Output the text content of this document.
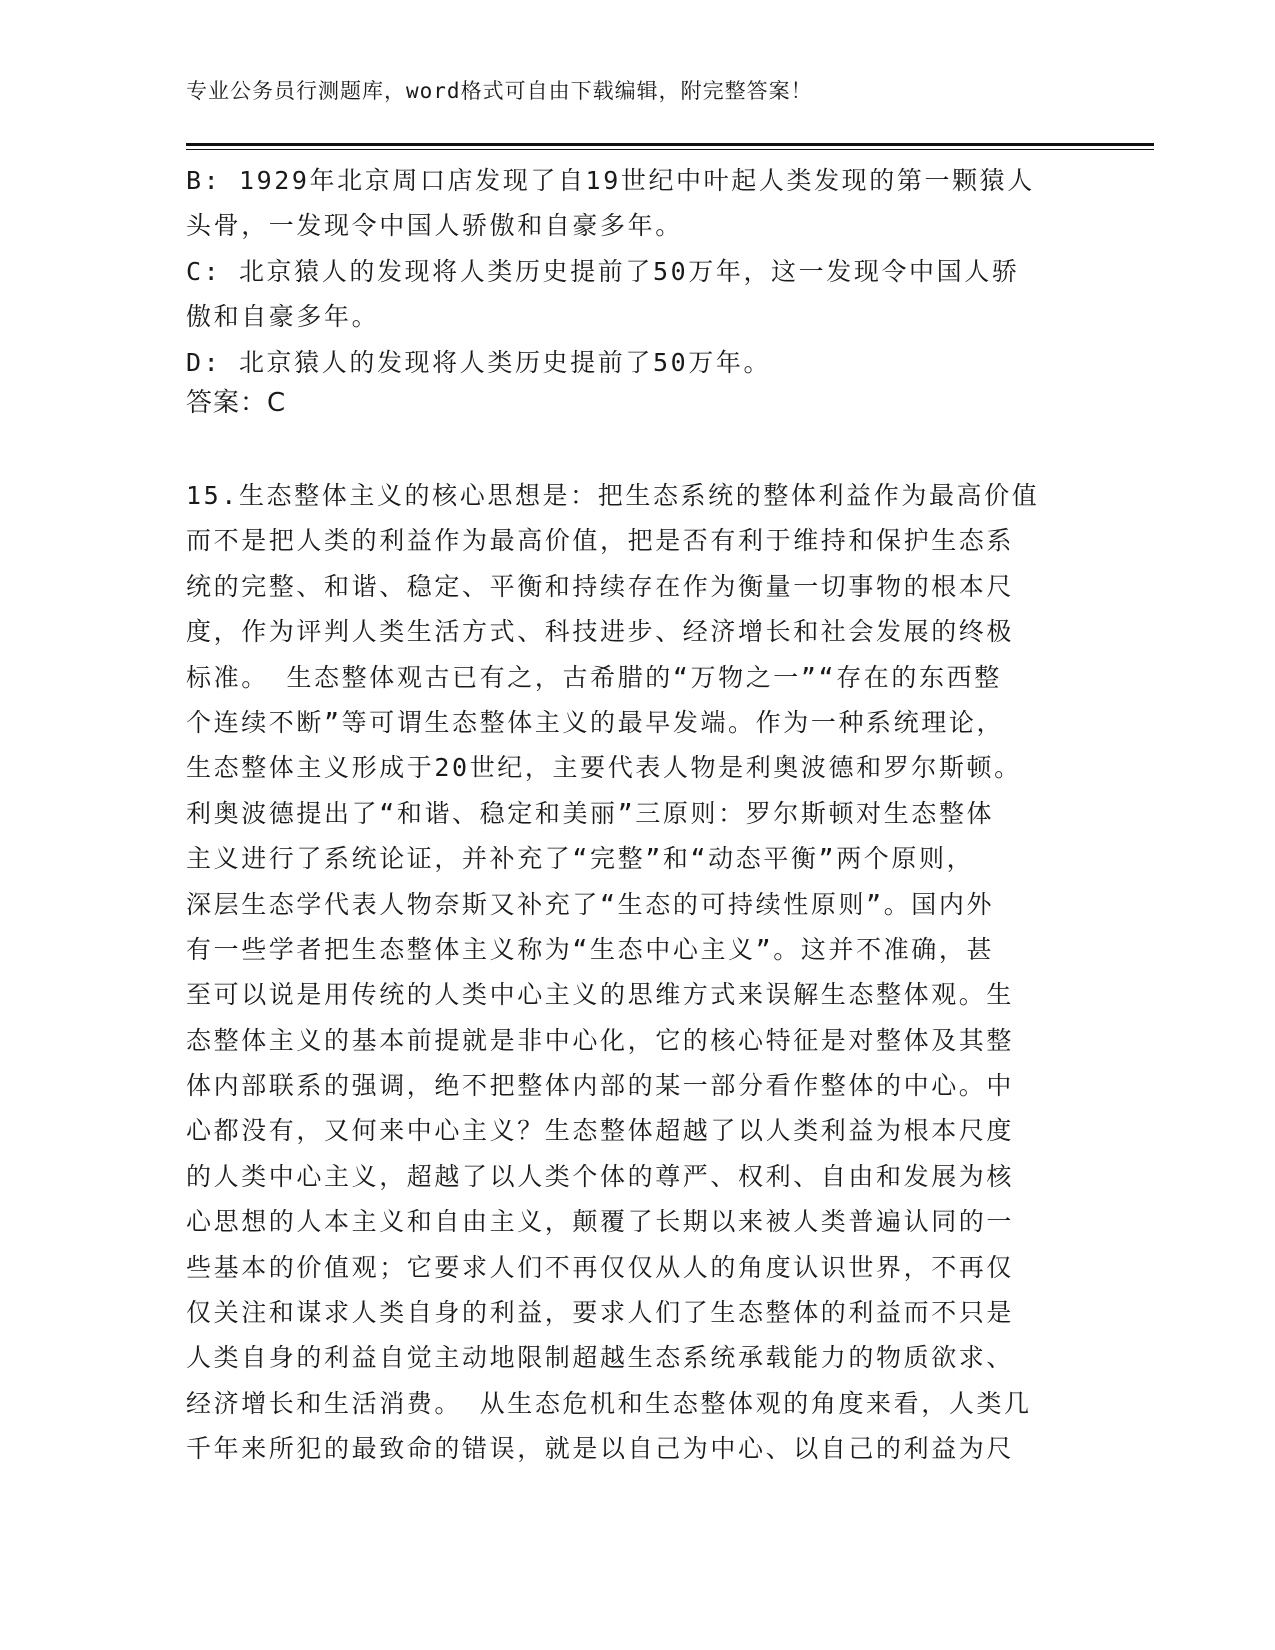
专业公务员行测题库，word格式可自由下载编辑，附完整答案！
B: 1929年北京周口店发现了自19世纪中叶起人类发现的第一颗猿人
头骨，一发现令中国人骄傲和自豪多年。
C: 北京猿人的发现将人类历史提前了50万年，这一发现令中国人骄
傲和自豪多年。
D: 北京猿人的发现将人类历史提前了50万年。
答案：C
15.生态整体主义的核心思想是：把生态系统的整体利益作为最高价值
而不是把人类的利益作为最高价值，把是否有利于维持和保护生态系
统的完整、和谐、稳定、平衡和持续存在作为衡量一切事物的根本尺
度，作为评判人类生活方式、科技进步、经济增长和社会发展的终极
标准。 生态整体观古已有之，古希腊的“万物之一”“存在的东西整
个连续不断”等可谓生态整体主义的最早发端。作为一种系统理论，
生态整体主义形成于20世纪，主要代表人物是利奥波德和罗尔斯顿。
利奥波德提出了“和谐、稳定和美丽”三原则：罗尔斯顿对生态整体
主义进行了系统论证，并补充了“完整”和“动态平衡”两个原则，
深层生态学代表人物奈斯又补充了“生态的可持续性原则”。国内外
有一些学者把生态整体主义称为“生态中心主义”。这并不准确，甚
至可以说是用传统的人类中心主义的思维方式来误解生态整体观。生
态整体主义的基本前提就是非中心化，它的核心特征是对整体及其整
体内部联系的强调，绝不把整体内部的某一部分看作整体的中心。中
心都没有，又何来中心主义？生态整体超越了以人类利益为根本尺度
的人类中心主义，超越了以人类个体的尊严、权利、自由和发展为核
心思想的人本主义和自由主义，颠覆了长期以来被人类普遍认同的一
些基本的价值观；它要求人们不再仅仅从人的角度认识世界，不再仅
仅关注和谋求人类自身的利益，要求人们了生态整体的利益而不只是
人类自身的利益自觉主动地限制超越生态系统承载能力的物质欲求、
经济增长和生活消费。 从生态危机和生态整体观的角度来看，人类几
千年来所犯的最致命的错误，就是以自己为中心、以自己的利益为尺
